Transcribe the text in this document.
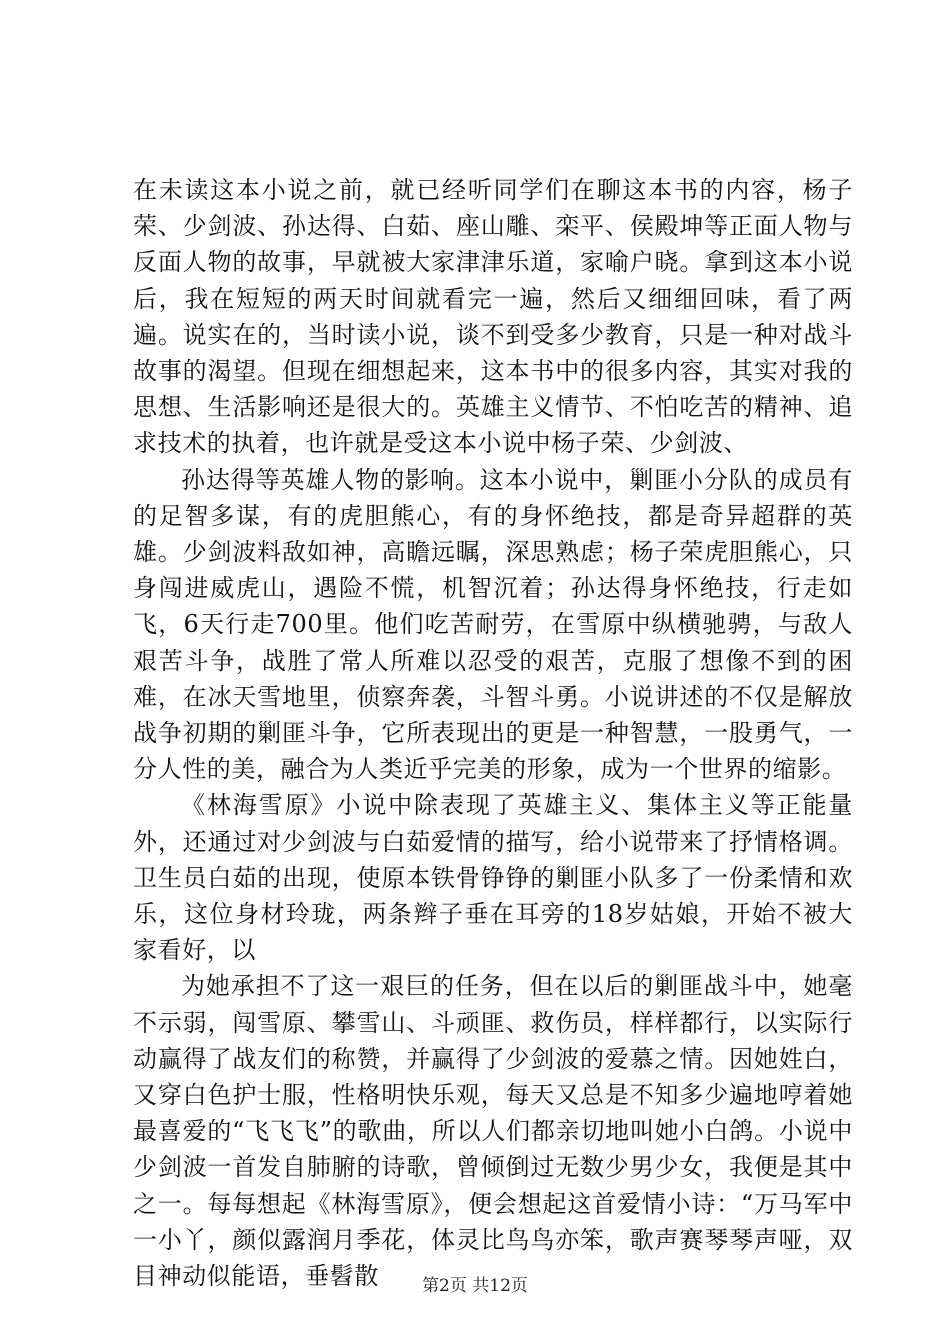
在未读这本小说之前，就已经听同学们在聊这本书的内容，杨子荣、少剑波、孙达得、白茹、座山雕、栾平、侯殿坤等正面人物与反面人物的故事，早就被大家津津乐道，家喻户晓。拿到这本小说后，我在短短的两天时间就看完一遍，然后又细细回味，看了两遍。说实在的，当时读小说，谈不到受多少教育，只是一种对战斗故事的渴望。但现在细想起来，这本书中的很多内容，其实对我的思想、生活影响还是很大的。英雄主义情节、不怕吃苦的精神、追求技术的执着，也许就是受这本小说中杨子荣、少剑波、

孙达得等英雄人物的影响。这本小说中，剿匪小分队的成员有的足智多谋，有的虎胆熊心，有的身怀绝技，都是奇异超群的英雄。少剑波料敌如神，高瞻远瞩，深思熟虑；杨子荣虎胆熊心，只身闯进威虎山，遇险不慌，机智沉着；孙达得身怀绝技，行走如飞，6天行走700里。他们吃苦耐劳，在雪原中纵横驰骋，与敌人艰苦斗争，战胜了常人所难以忍受的艰苦，克服了想像不到的困难，在冰天雪地里，侦察奔袭，斗智斗勇。小说讲述的不仅是解放战争初期的剿匪斗争，它所表现出的更是一种智慧，一股勇气，一分人性的美，融合为人类近乎完美的形象，成为一个世界的缩影。

《林海雪原》小说中除表现了英雄主义、集体主义等正能量外，还通过对少剑波与白茹爱情的描写，给小说带来了抒情格调。卫生员白茹的出现，使原本铁骨铮铮的剿匪小队多了一份柔情和欢乐，这位身材玲珑，两条辫子垂在耳旁的18岁姑娘，开始不被大家看好，以

为她承担不了这一艰巨的任务，但在以后的剿匪战斗中，她毫不示弱，闯雪原、攀雪山、斗顽匪、救伤员，样样都行，以实际行动赢得了战友们的称赞，并赢得了少剑波的爱慕之情。因她姓白，又穿白色护士服，性格明快乐观，每天又总是不知多少遍地哼着她最喜爱的“飞飞飞”的歌曲，所以人们都亲切地叫她小白鸽。小说中少剑波一首发自肺腑的诗歌，曾倾倒过无数少男少女，我便是其中之一。每每想起《林海雪原》，便会想起这首爱情小诗：“万马军中一小丫，颜似露润月季花，体灵比鸟鸟亦笨，歌声赛琴琴声哑，双目神动似能语，垂髫散	第2页 共12页
